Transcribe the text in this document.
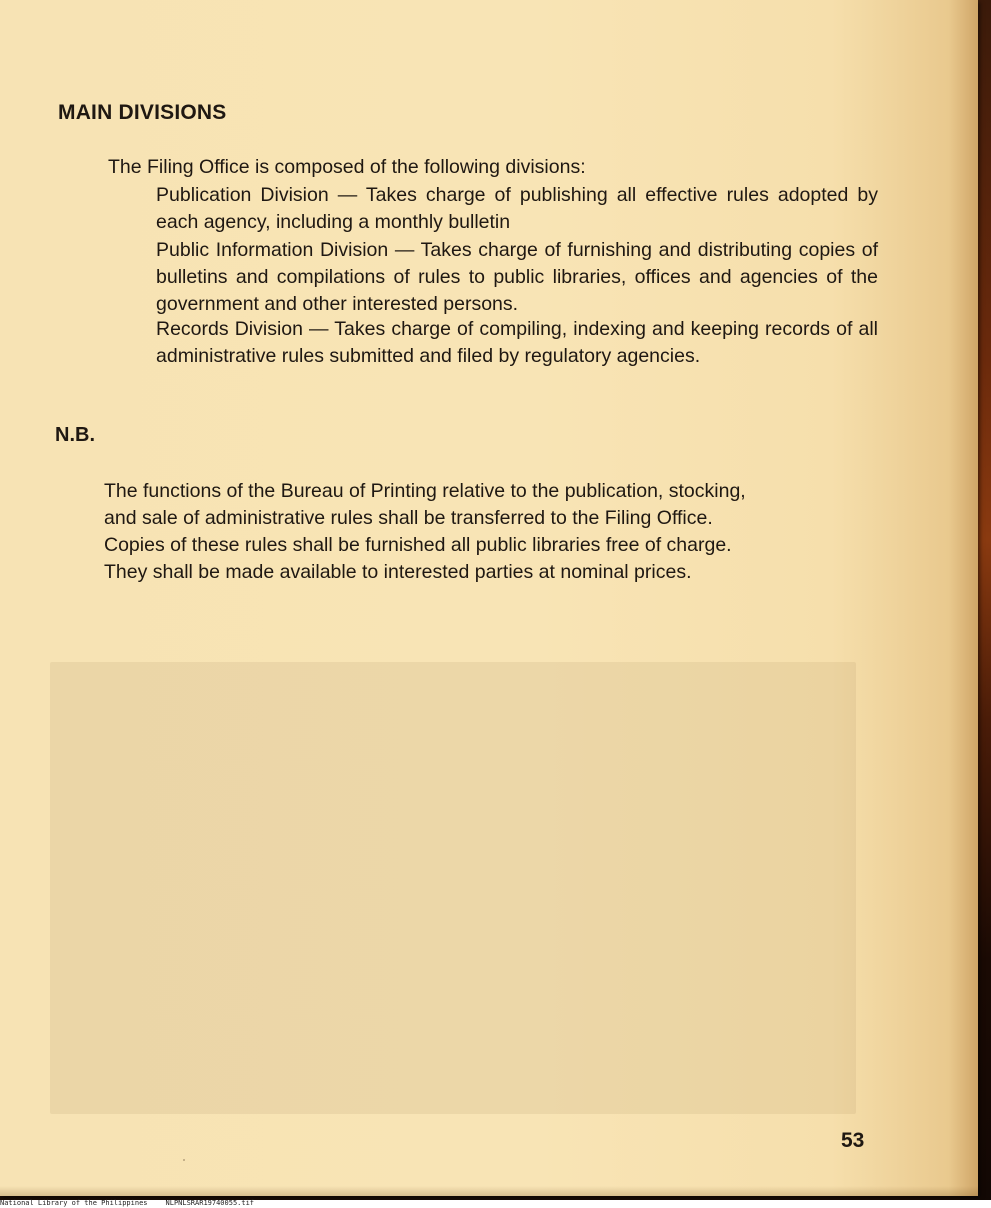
MAIN DIVISIONS
The Filing Office is composed of the following divisions:
Publication Division — Takes charge of publishing all effective rules adopted by each agency, including a monthly bulletin
Public Information Division — Takes charge of furnishing and distributing copies of bulletins and compilations of rules to public libraries, offices and agencies of the government and other interested persons.
Records Division — Takes charge of compiling, indexing and keeping records of all administrative rules submitted and filed by regulatory agencies.
N.B.
The functions of the Bureau of Printing relative to the publication, stocking,
and sale of administrative rules shall be transferred to the Filing Office.
Copies of these rules shall be furnished all public libraries free of charge.
They shall be made available to interested parties at nominal prices.
53
National Library of the Philippines	NLPNLSRAR19740055.tif
